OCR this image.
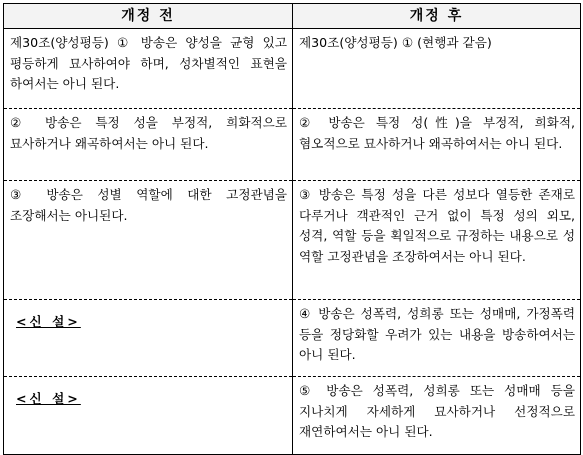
개정 전	개정 후
제30조(양성평등) ① 방송은 양성을 균형 있고 평등하게 묘사하여야 하며, 성차별적인 표현을 하여서는 아니 된다.	제30조(양성평등) ① (현행과 같음)
② 방송은 특정 성을 부정적, 희화적으로 묘사하거나 왜곡하여서는 아니 된다.	② 방송은 특정 성(性)을 부정적, 희화적, 혐오적으로 묘사하거나 왜곡하여서는 아니 된다.
③ 방송은 성별 역할에 대한 고정관념을 조장해서는 아니된다.	③ 방송은 특정 성을 다른 성보다 열등한 존재로 다루거나 객관적인 근거 없이 특정 성의 외모, 성격, 역할 등을 획일적으로 규정하는 내용으로 성 역할 고정관념을 조장하여서는 아니 된다.
<신 설>	④ 방송은 성폭력, 성희롱 또는 성매매, 가정폭력 등을 정당화할 우려가 있는 내용을 방송하여서는 아니 된다.
<신 설>	⑤ 방송은 성폭력, 성희롱 또는 성매매 등을 지나치게 자세하게 묘사하거나 선정적으로 재연하여서는 아니 된다.
